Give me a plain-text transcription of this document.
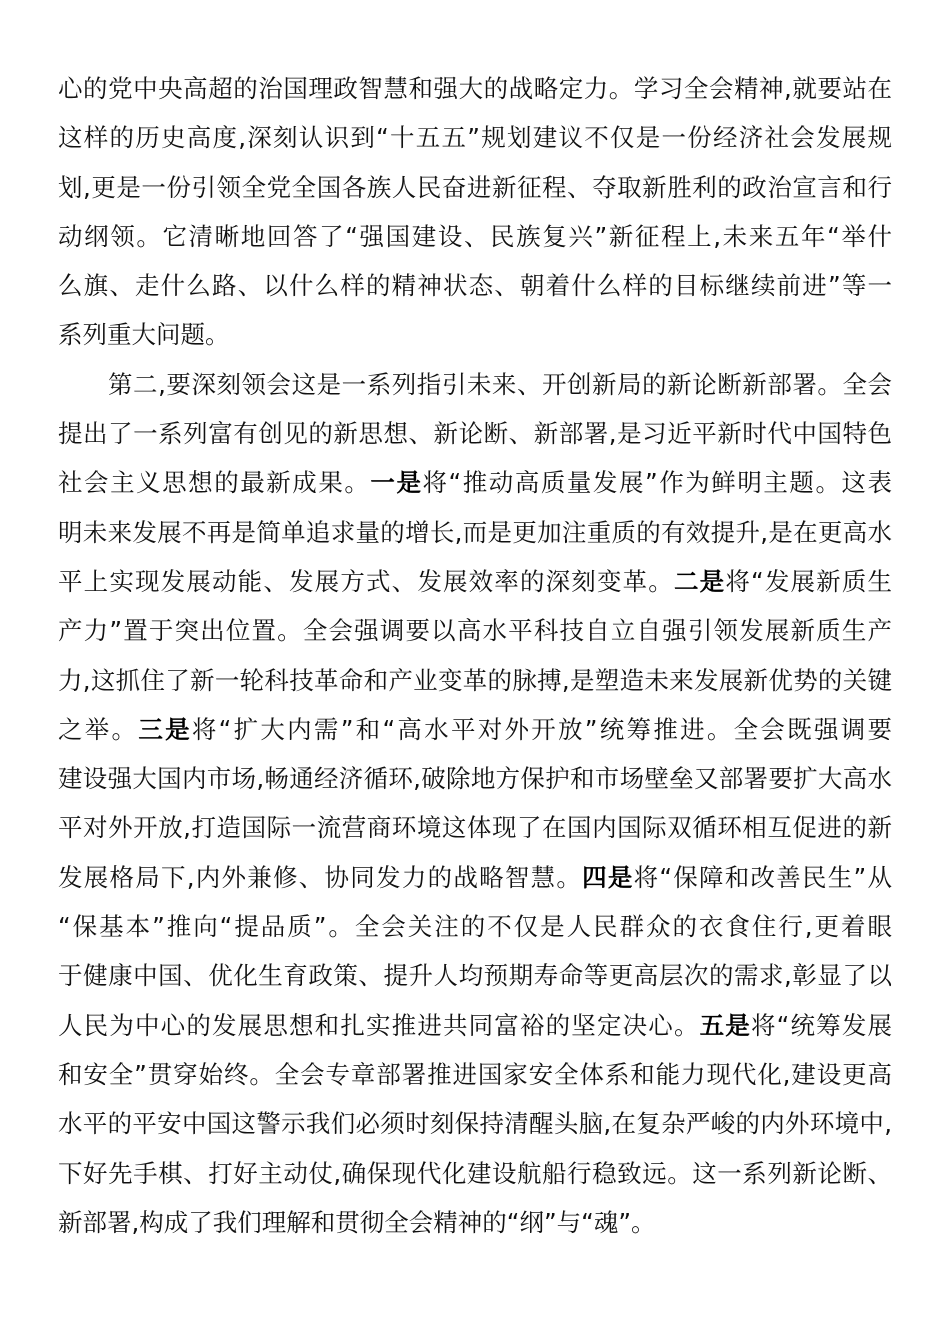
心的党中央高超的治国理政智慧和强大的战略定力。学习全会精神,就要站在
这样的历史高度,深刻认识到“十五五”规划建议不仅是一份经济社会发展规
划,更是一份引领全党全国各族人民奋进新征程、夺取新胜利的政治宣言和行
动纲领。它清晰地回答了“强国建设、民族复兴”新征程上,未来五年“举什
么旗、走什么路、以什么样的精神状态、朝着什么样的目标继续前进”等一
系列重大问题。
第二,要深刻领会这是一系列指引未来、开创新局的新论断新部署。全会
提出了一系列富有创见的新思想、新论断、新部署,是习近平新时代中国特色
社会主义思想的最新成果。一是将“推动高质量发展”作为鲜明主题。这表
明未来发展不再是简单追求量的增长,而是更加注重质的有效提升,是在更高水
平上实现发展动能、发展方式、发展效率的深刻变革。二是将“发展新质生
产力”置于突出位置。全会强调要以高水平科技自立自强引领发展新质生产
力,这抓住了新一轮科技革命和产业变革的脉搏,是塑造未来发展新优势的关键
之举。三是将“扩大内需”和“高水平对外开放”统筹推进。全会既强调要
建设强大国内市场,畅通经济循环,破除地方保护和市场壁垒又部署要扩大高水
平对外开放,打造国际一流营商环境这体现了在国内国际双循环相互促进的新
发展格局下,内外兼修、协同发力的战略智慧。四是将“保障和改善民生”从
“保基本”推向“提品质”。全会关注的不仅是人民群众的衣食住行,更着眼
于健康中国、优化生育政策、提升人均预期寿命等更高层次的需求,彰显了以
人民为中心的发展思想和扎实推进共同富裕的坚定决心。五是将“统筹发展
和安全”贯穿始终。全会专章部署推进国家安全体系和能力现代化,建设更高
水平的平安中国这警示我们必须时刻保持清醒头脑,在复杂严峻的内外环境中,
下好先手棋、打好主动仗,确保现代化建设航船行稳致远。这一系列新论断、
新部署,构成了我们理解和贯彻全会精神的“纲”与“魂”。
